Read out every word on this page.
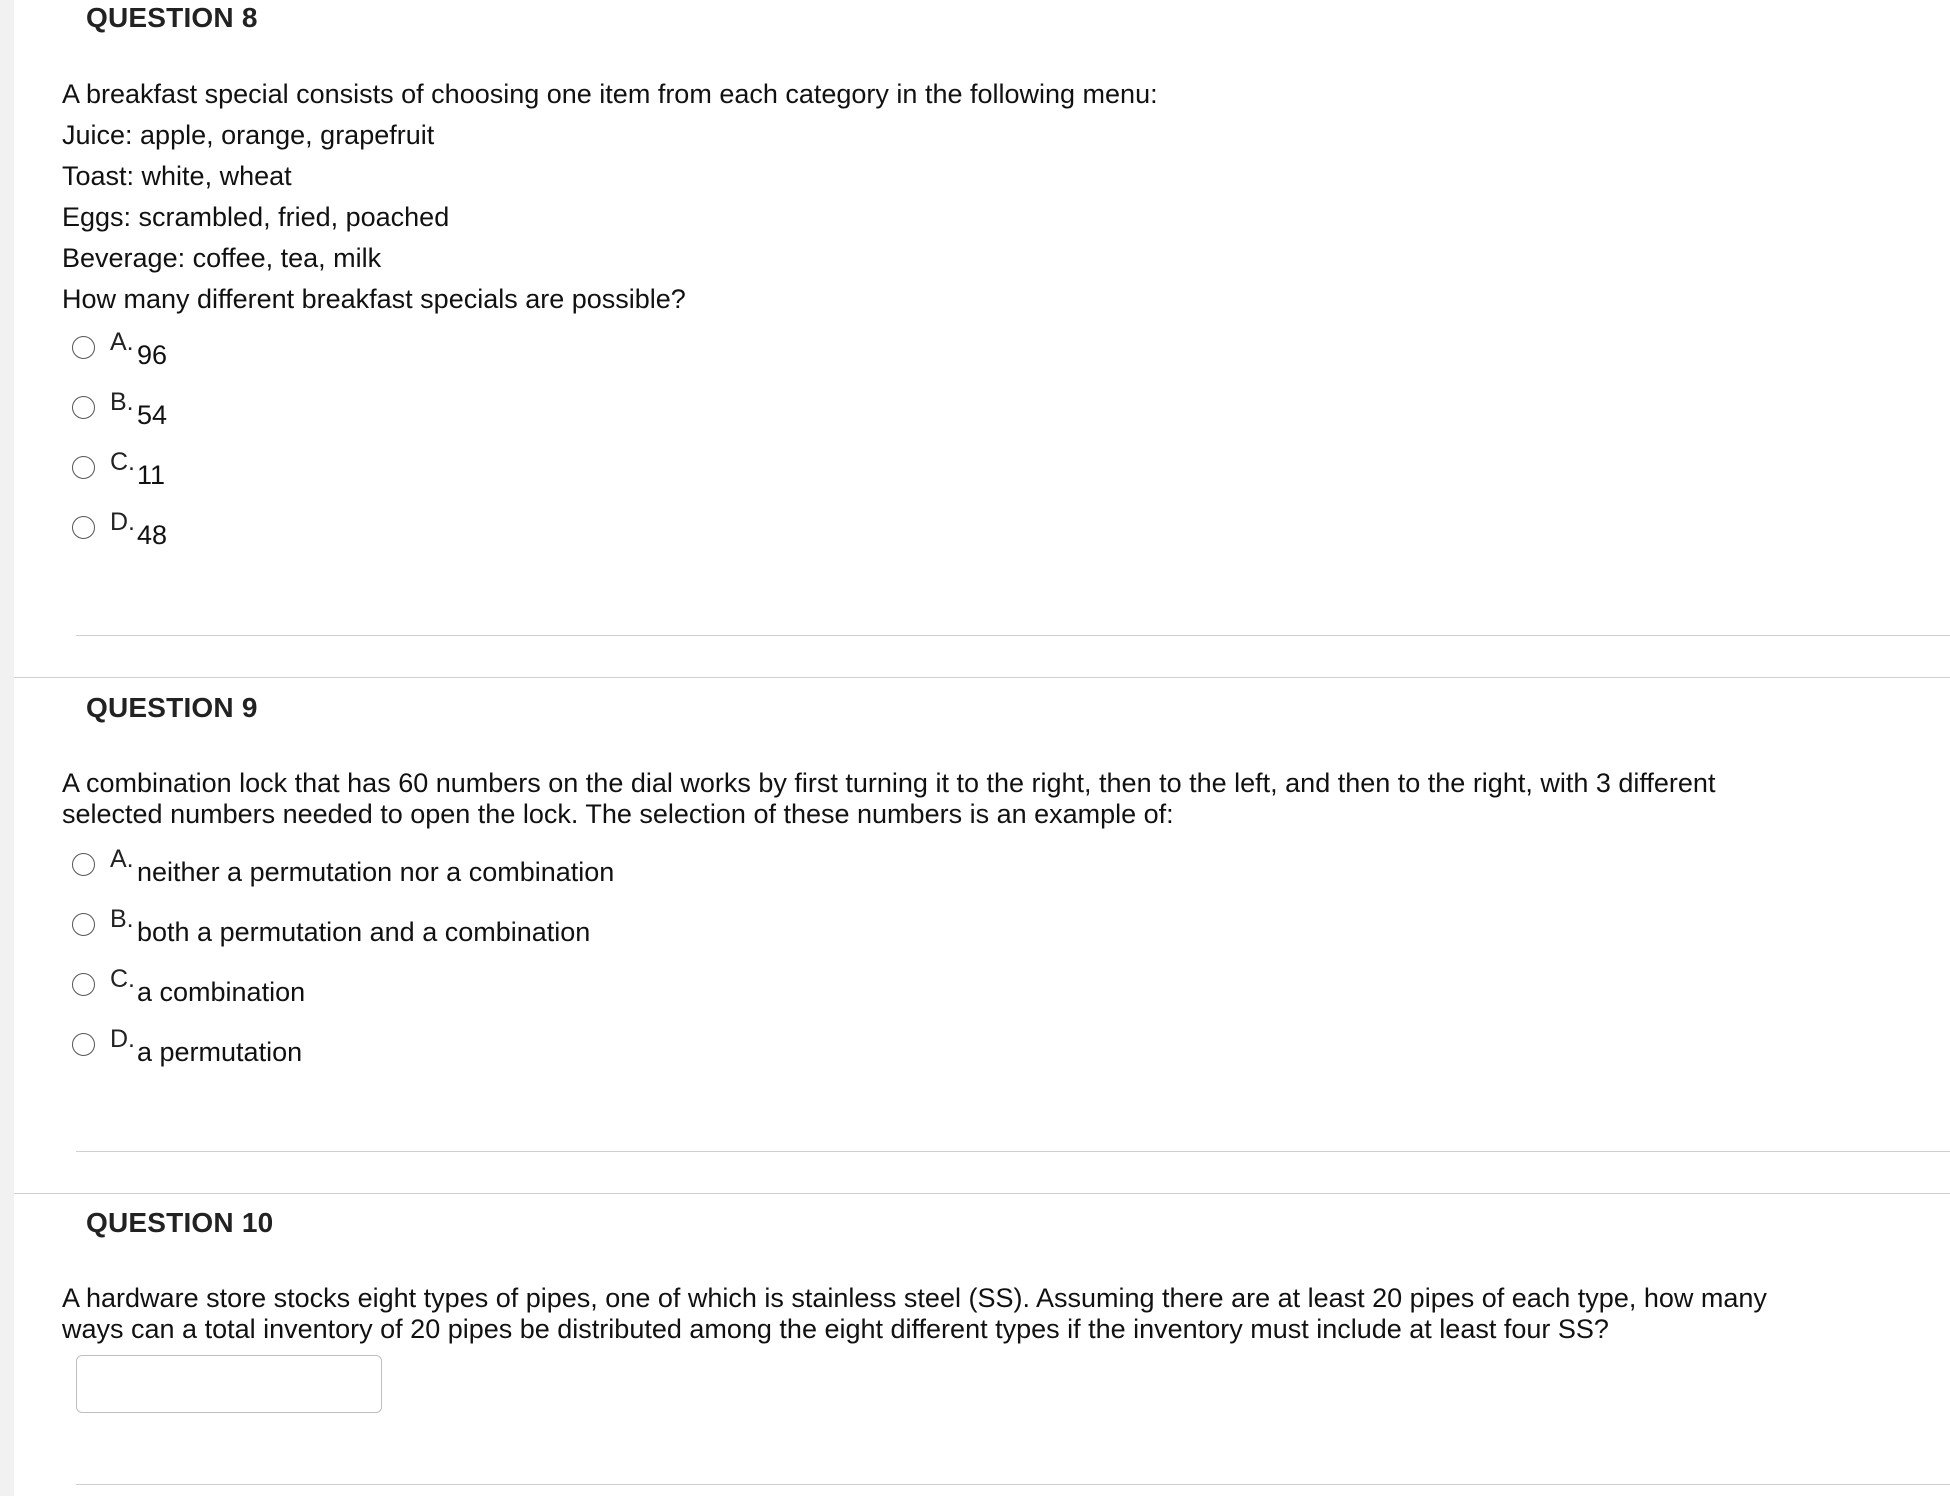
QUESTION 8
A breakfast special consists of choosing one item from each category in the following menu:
Juice: apple, orange, grapefruit
Toast: white, wheat
Eggs: scrambled, fried, poached
Beverage: coffee, tea, milk
How many different breakfast specials are possible?
A. 96
B. 54
C. 11
D. 48
QUESTION 9
A combination lock that has 60 numbers on the dial works by first turning it to the right, then to the left, and then to the right, with 3 different selected numbers needed to open the lock. The selection of these numbers is an example of:
A. neither a permutation nor a combination
B. both a permutation and a combination
C. a combination
D. a permutation
QUESTION 10
A hardware store stocks eight types of pipes, one of which is stainless steel (SS). Assuming there are at least 20 pipes of each type, how many ways can a total inventory of 20 pipes be distributed among the eight different types if the inventory must include at least four SS?
